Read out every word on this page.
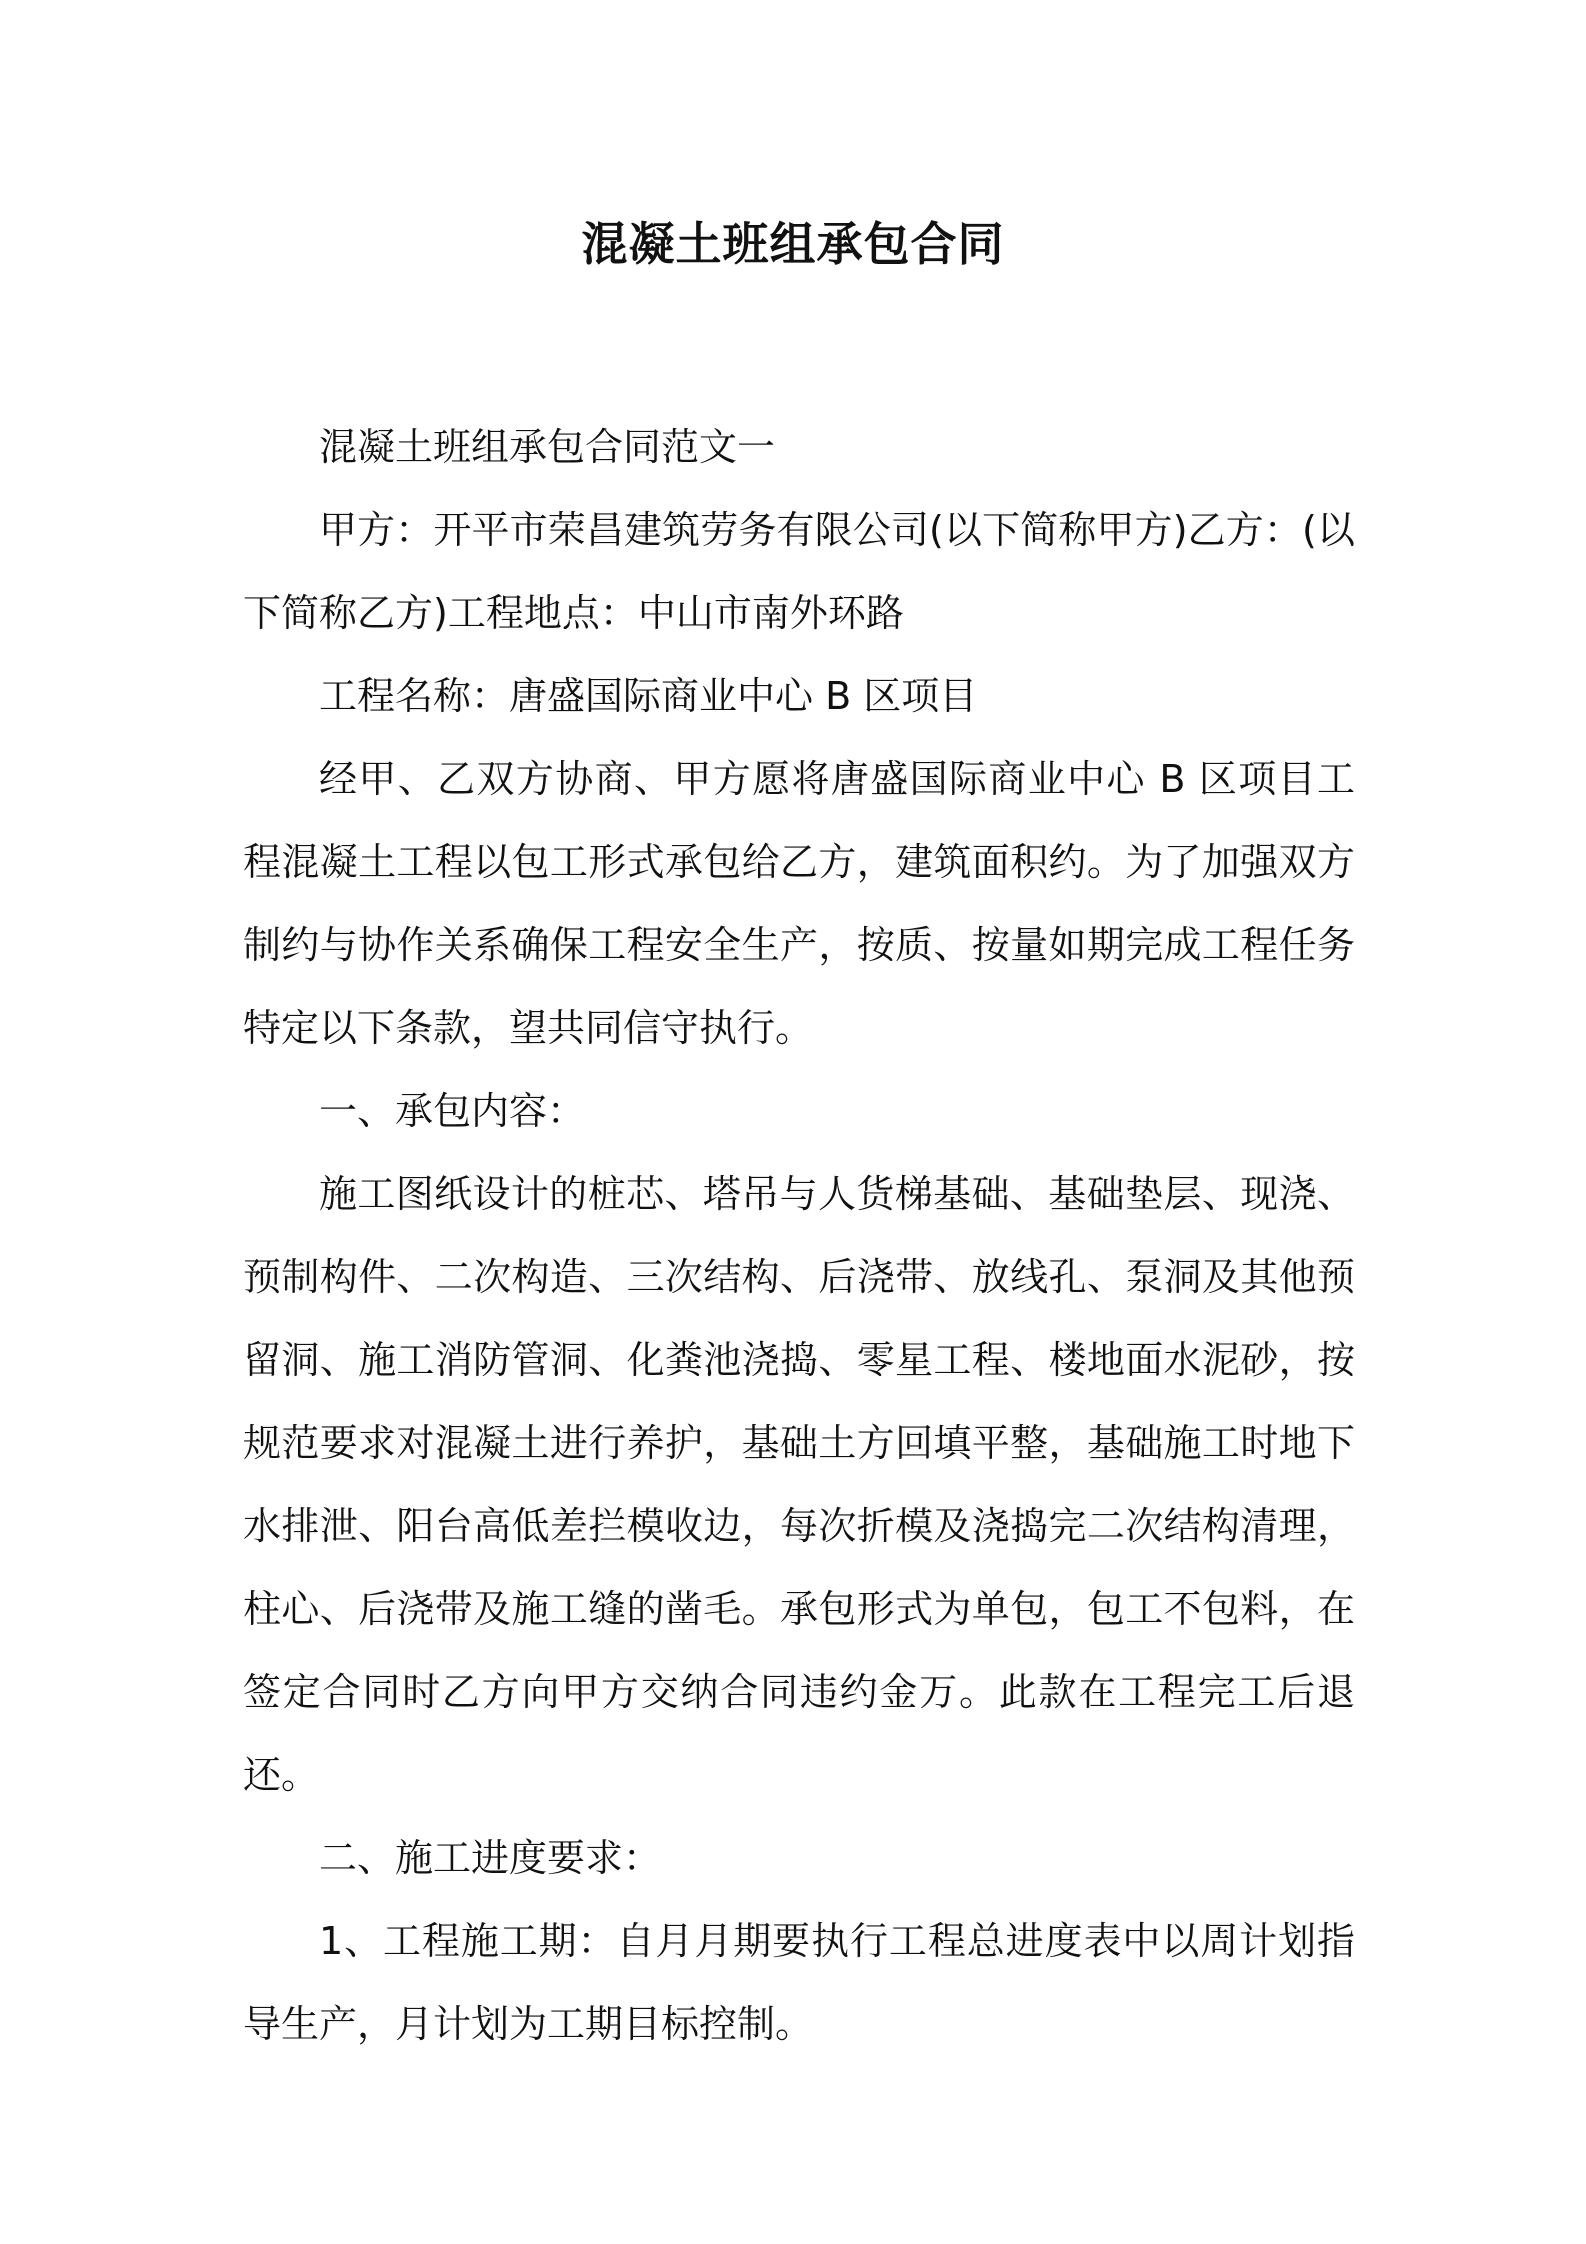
混凝土班组承包合同

混凝土班组承包合同范文一

甲方：开平市荣昌建筑劳务有限公司(以下简称甲方)乙方：(以下简称乙方)工程地点：中山市南外环路

工程名称：唐盛国际商业中心 B 区项目

经甲、乙双方协商、甲方愿将唐盛国际商业中心 B 区项目工程混凝土工程以包工形式承包给乙方，建筑面积约。为了加强双方制约与协作关系确保工程安全生产，按质、按量如期完成工程任务特定以下条款，望共同信守执行。

一、承包内容：

施工图纸设计的桩芯、塔吊与人货梯基础、基础垫层、现浇、预制构件、二次构造、三次结构、后浇带、放线孔、泵洞及其他预留洞、施工消防管洞、化粪池浇捣、零星工程、楼地面水泥砂，按规范要求对混凝土进行养护，基础土方回填平整，基础施工时地下水排泄、阳台高低差拦模收边，每次折模及浇捣完二次结构清理，柱心、后浇带及施工缝的凿毛。承包形式为单包，包工不包料，在签定合同时乙方向甲方交纳合同违约金万。此款在工程完工后退还。

二、施工进度要求：

1、工程施工期：自月月期要执行工程总进度表中以周计划指导生产，月计划为工期目标控制。
